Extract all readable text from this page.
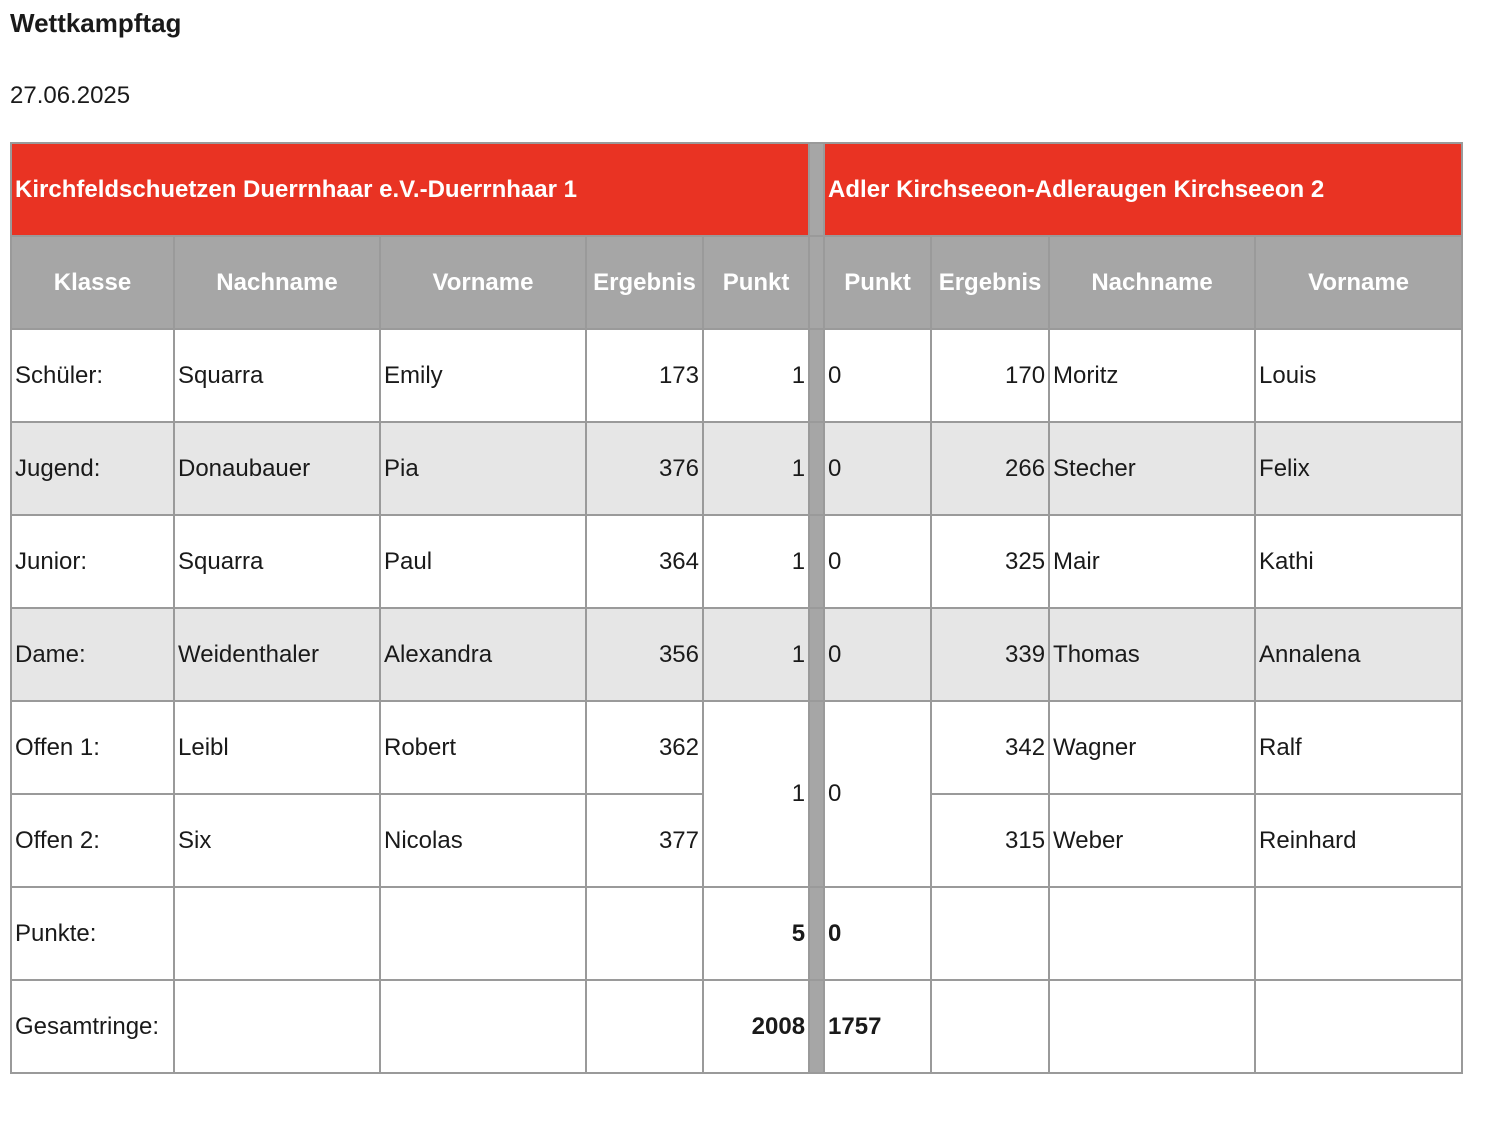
Wettkampftag

27.06.2025

Kirchfeldschuetzen Duerrnhaar e.V.-Duerrnhaar 1						Adler Kirchseeon-Adleraugen Kirchseeon 2			
Klasse	Nachname	Vorname	Ergebnis	Punkt		Punkt	Ergebnis	Nachname	Vorname
Schüler:	Squarra	Emily	173	1		0	170	Moritz	Louis
Jugend:	Donaubauer	Pia	376	1		0	266	Stecher	Felix
Junior:	Squarra	Paul	364	1		0	325	Mair	Kathi
Dame:	Weidenthaler	Alexandra	356	1		0	339	Thomas	Annalena
Offen 1:	Leibl	Robert	362	1		0	342	Wagner	Ralf
Offen 2:	Six	Nicolas	377				315	Weber	Reinhard
Punkte:				5		0			
Gesamtringe:				2008		1757			
